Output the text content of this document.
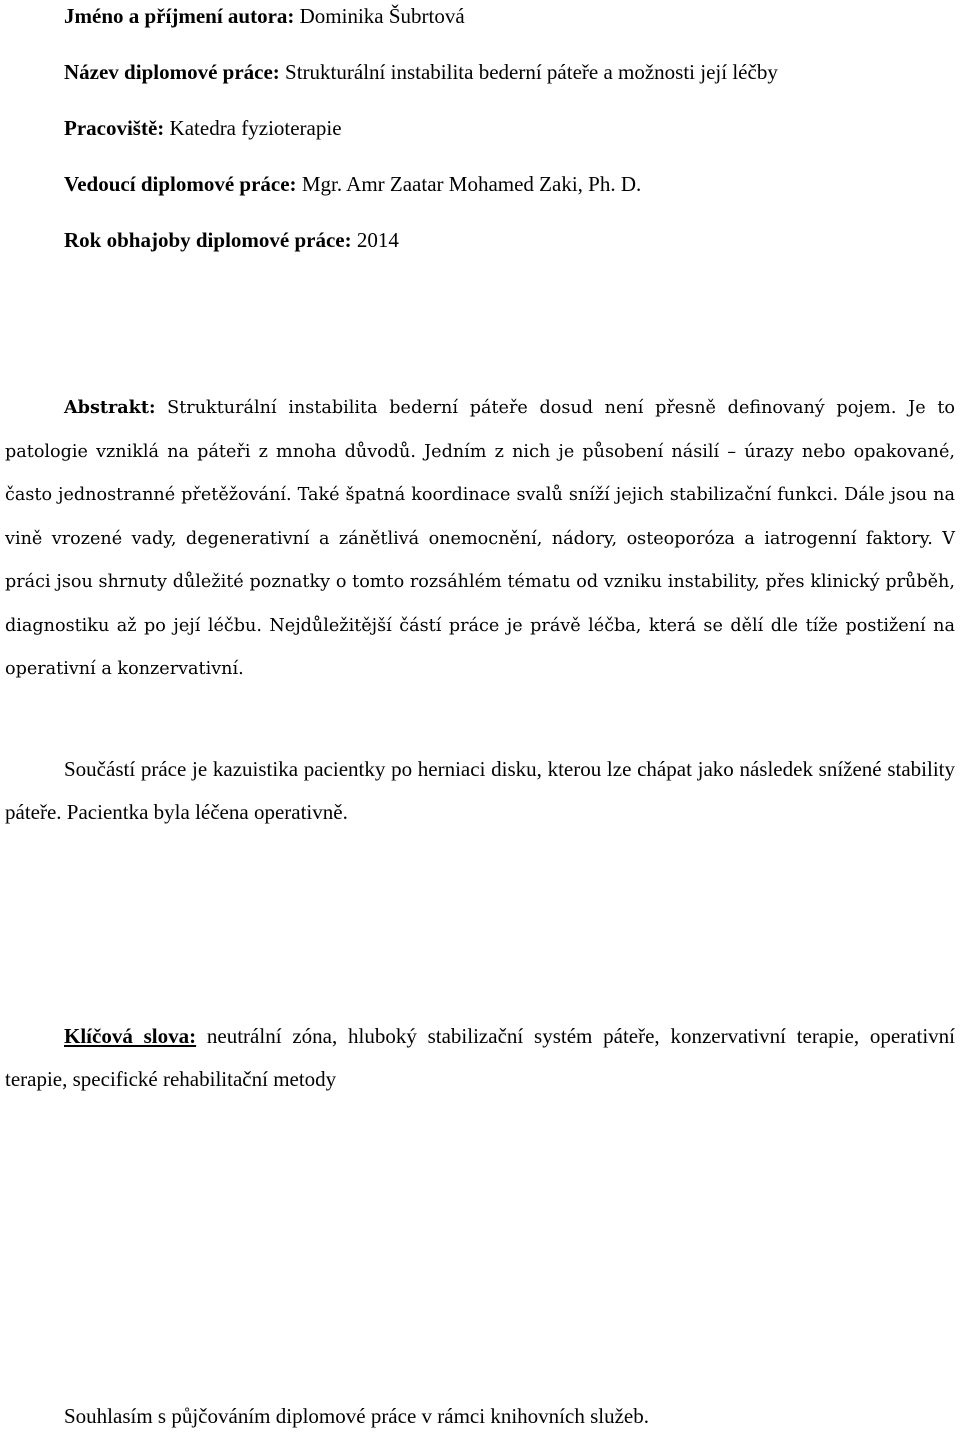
Jméno a příjmení autora: Dominika Šubrtová
Název diplomové práce: Strukturální instabilita bederní páteře a možnosti její léčby
Pracoviště: Katedra fyzioterapie
Vedoucí diplomové práce: Mgr. Amr Zaatar Mohamed Zaki, Ph. D.
Rok obhajoby diplomové práce: 2014

Abstrakt: Strukturální instabilita bederní páteře dosud není přesně definovaný pojem. Je to patologie vzniklá na páteři z mnoha důvodů. Jedním z nich je působení násilí – úrazy nebo opakované, často jednostranné přetěžování. Také špatná koordinace svalů sníží jejich stabilizační funkci. Dále jsou na vině vrozené vady, degenerativní a zánětlivá onemocnění, nádory, osteoporóza a iatrogenní faktory. V práci jsou shrnuty důležité poznatky o tomto rozsáhlém tématu od vzniku instability, přes klinický průběh, diagnostiku až po její léčbu. Nejdůležitější částí práce je právě léčba, která se dělí dle tíže postižení na operativní a konzervativní.

Součástí práce je kazuistika pacientky po herniaci disku, kterou lze chápat jako následek snížené stability páteře. Pacientka byla léčena operativně.

Klíčová slova: neutrální zóna, hluboký stabilizační systém páteře, konzervativní terapie, operativní terapie, specifické rehabilitační metody

Souhlasím s půjčováním diplomové práce v rámci knihovních služeb.
